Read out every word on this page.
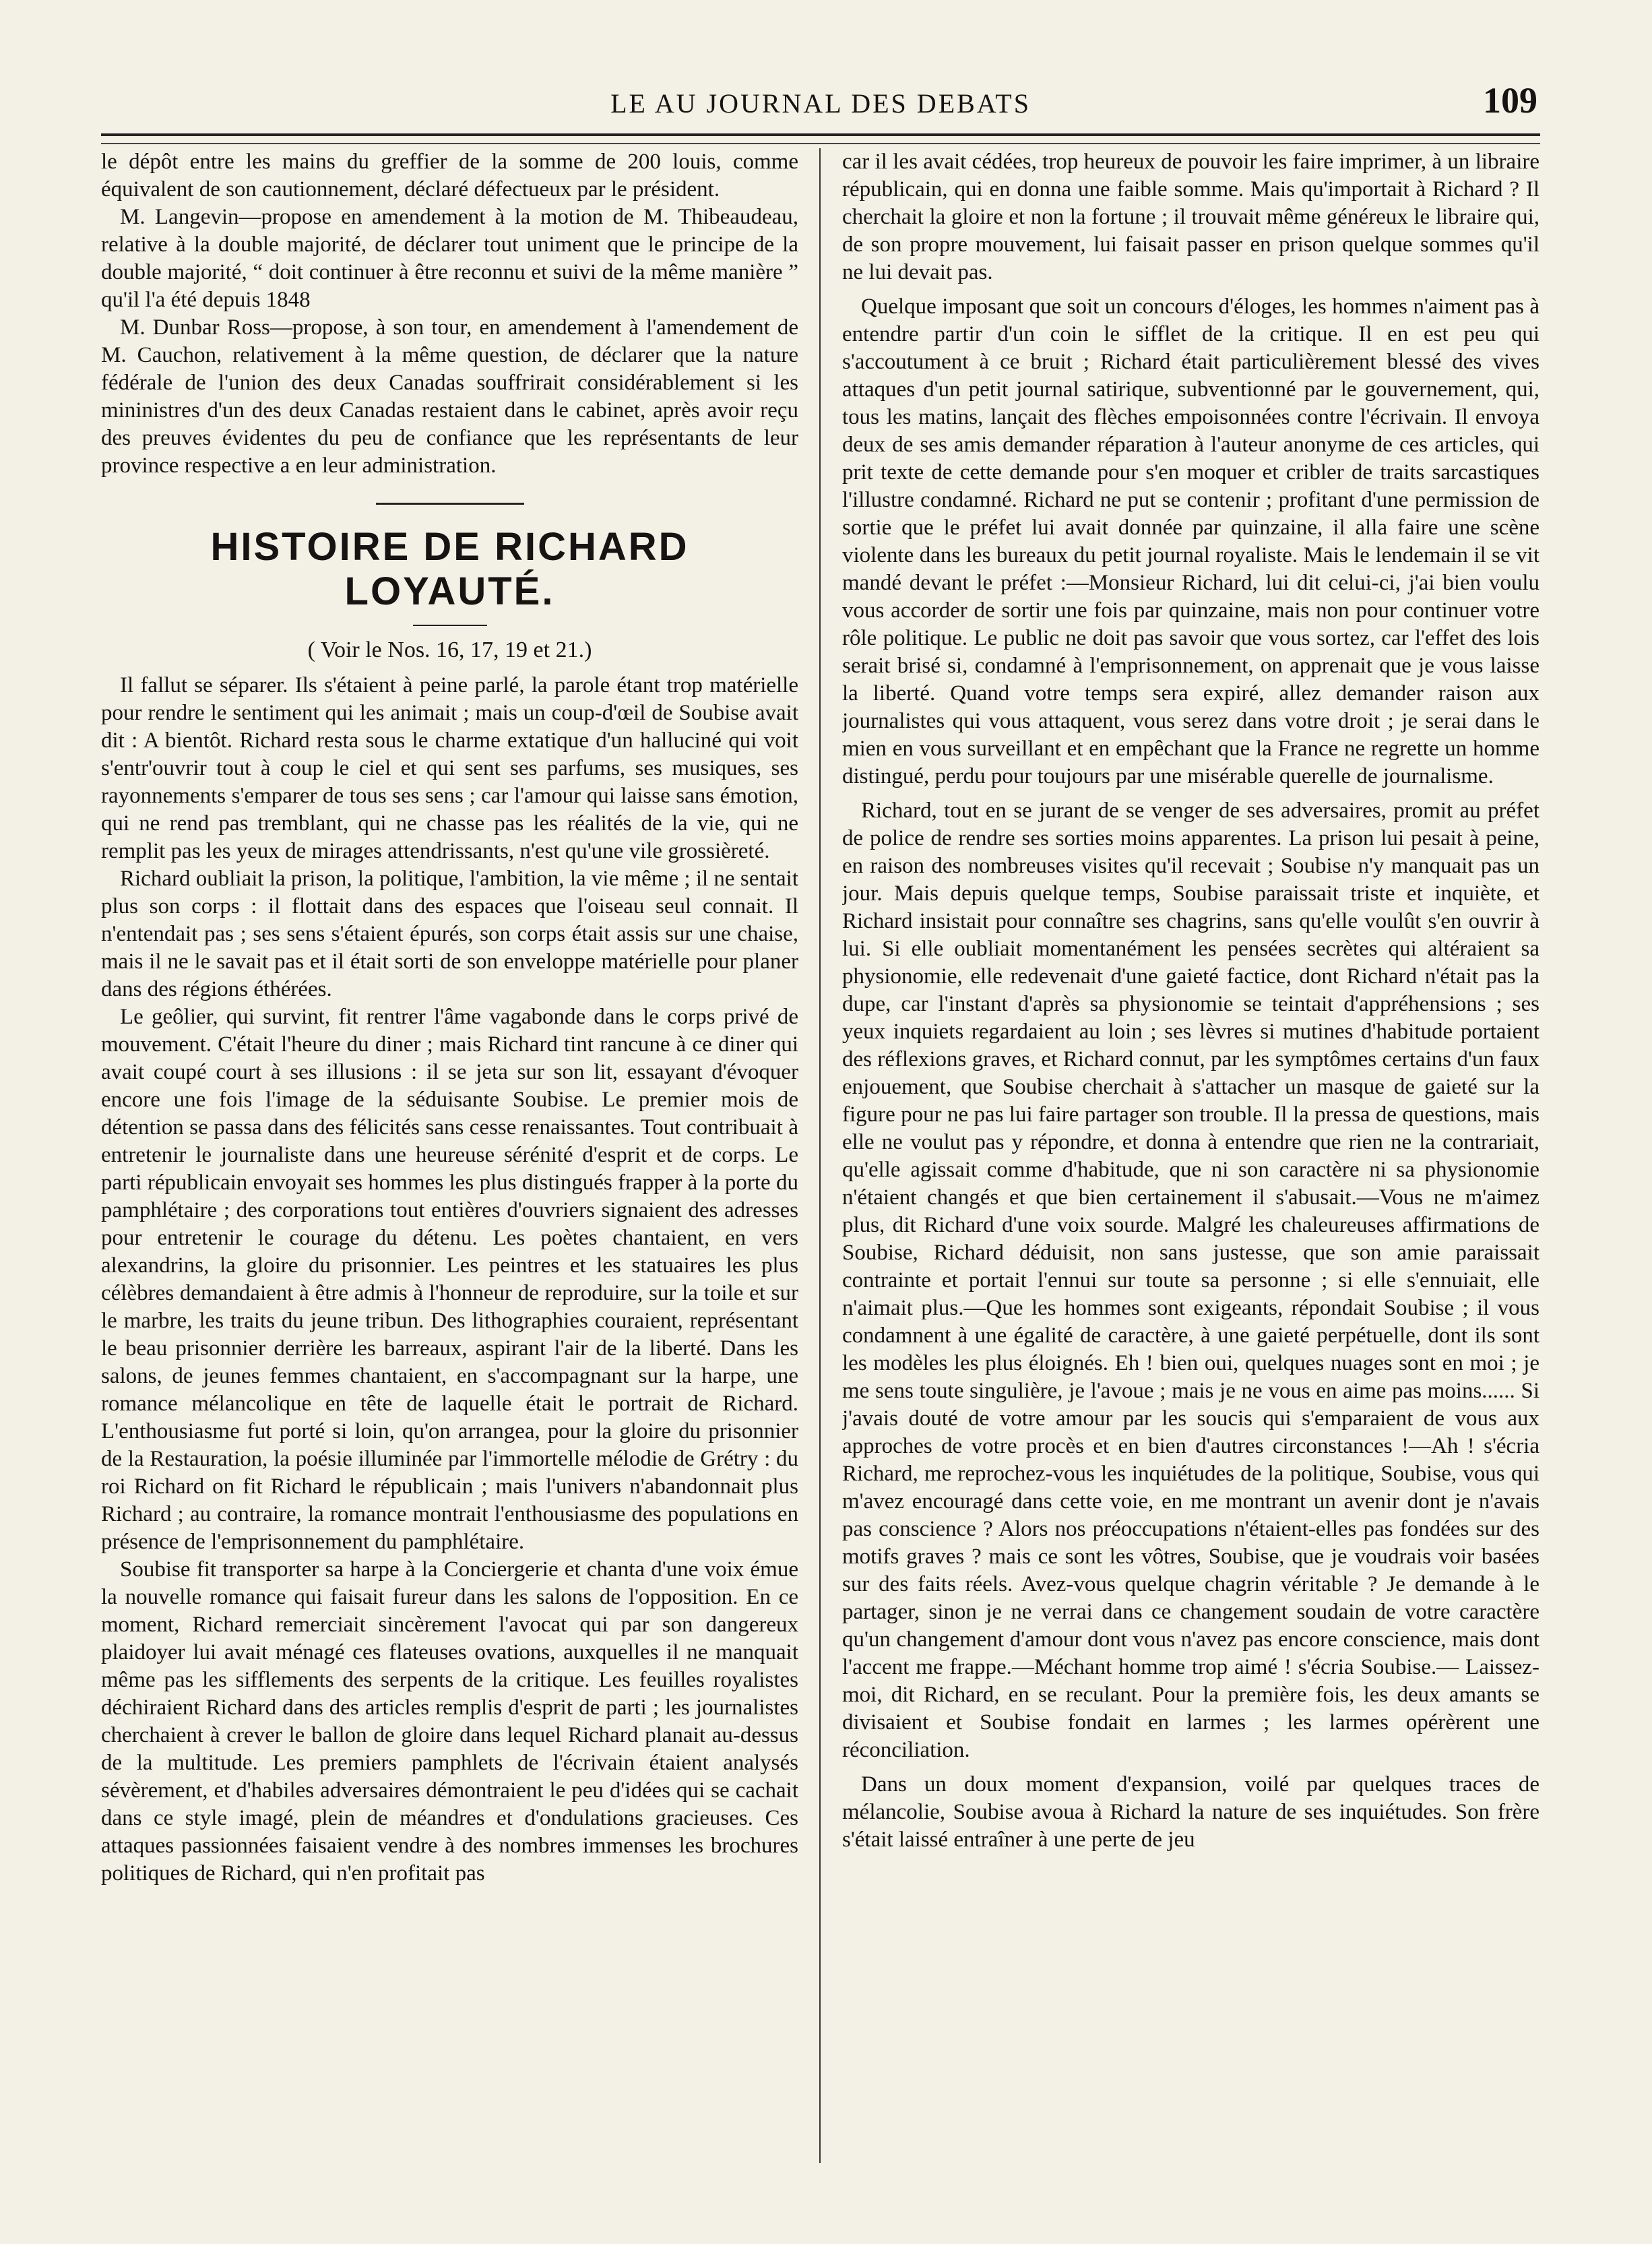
LE AU JOURNAL DES DEBATS	109

le dépôt entre les mains du greffier de la somme de 200 louis, comme équivalent de son cautionnement, déclaré défectueux par le président.

M. Langevin—propose en amendement à la motion de M. Thibeaudeau, relative à la double majorité, de déclarer tout uniment que le principe de la double majorité, “ doit continuer à être reconnu et suivi de la même manière ” qu'il l'a été depuis 1848

M. Dunbar Ross—propose, à son tour, en amendement à l'amendement de M. Cauchon, relativement à la même question, de déclarer que la nature fédérale de l'union des deux Canadas souffrirait considérablement si les mininistres d'un des deux Canadas restaient dans le cabinet, après avoir reçu des preuves évidentes du peu de confiance que les représentants de leur province respective a en leur administration.

HISTOIRE DE RICHARD LOYAUTÉ.
( Voir le Nos. 16, 17, 19 et 21.)

Il fallut se séparer. Ils s'étaient à peine parlé, la parole étant trop matérielle pour rendre le sentiment qui les animait ; mais un coup-d'œil de Soubise avait dit : A bientôt. Richard resta sous le charme extatique d'un halluciné qui voit s'entr'ouvrir tout à coup le ciel et qui sent ses parfums, ses musiques, ses rayonnements s'emparer de tous ses sens ; car l'amour qui laisse sans émotion, qui ne rend pas tremblant, qui ne chasse pas les réalités de la vie, qui ne remplit pas les yeux de mirages attendrissants, n'est qu'une vile grossièreté.

Richard oubliait la prison, la politique, l'ambition, la vie même ; il ne sentait plus son corps : il flottait dans des espaces que l'oiseau seul connait. Il n'entendait pas ; ses sens s'étaient épurés, son corps était assis sur une chaise, mais il ne le savait pas et il était sorti de son enveloppe matérielle pour planer dans des régions éthérées.

Le geôlier, qui survint, fit rentrer l'âme vagabonde dans le corps privé de mouvement. C'était l'heure du diner ; mais Richard tint rancune à ce diner qui avait coupé court à ses illusions : il se jeta sur son lit, essayant d'évoquer encore une fois l'image de la séduisante Soubise. Le premier mois de détention se passa dans des félicités sans cesse renaissantes. Tout contribuait à entretenir le journaliste dans une heureuse sérénité d'esprit et de corps. Le parti républicain envoyait ses hommes les plus distingués frapper à la porte du pamphlétaire ; des corporations tout entières d'ouvriers signaient des adresses pour entretenir le courage du détenu. Les poètes chantaient, en vers alexandrins, la gloire du prisonnier. Les peintres et les statuaires les plus célèbres demandaient à être admis à l'honneur de reproduire, sur la toile et sur le marbre, les traits du jeune tribun. Des lithographies couraient, représentant le beau prisonnier derrière les barreaux, aspirant l'air de la liberté. Dans les salons, de jeunes femmes chantaient, en s'accompagnant sur la harpe, une romance mélancolique en tête de laquelle était le portrait de Richard. L'enthousiasme fut porté si loin, qu'on arrangea, pour la gloire du prisonnier de la Restauration, la poésie illuminée par l'immortelle mélodie de Grétry : du roi Richard on fit Richard le républicain ; mais l'univers n'abandonnait plus Richard ; au contraire, la romance montrait l'enthousiasme des populations en présence de l'emprisonnement du pamphlétaire.

Soubise fit transporter sa harpe à la Conciergerie et chanta d'une voix émue la nouvelle romance qui faisait fureur dans les salons de l'opposition. En ce moment, Richard remerciait sincèrement l'avocat qui par son dangereux plaidoyer lui avait ménagé ces flateuses ovations, auxquelles il ne manquait même pas les sifflements des serpents de la critique. Les feuilles royalistes déchiraient Richard dans des articles remplis d'esprit de parti ; les journalistes cherchaient à crever le ballon de gloire dans lequel Richard planait au-dessus de la multitude. Les premiers pamphlets de l'écrivain étaient analysés sévèrement, et d'habiles adversaires démontraient le peu d'idées qui se cachait dans ce style imagé, plein de méandres et d'ondulations gracieuses. Ces attaques passionnées faisaient vendre à des nombres immenses les brochures politiques de Richard, qui n'en profitait pas

car il les avait cédées, trop heureux de pouvoir les faire imprimer, à un libraire républicain, qui en donna une faible somme. Mais qu'importait à Richard ? Il cherchait la gloire et non la fortune ; il trouvait même généreux le libraire qui, de son propre mouvement, lui faisait passer en prison quelque sommes qu'il ne lui devait pas.

Quelque imposant que soit un concours d'éloges, les hommes n'aiment pas à entendre partir d'un coin le sifflet de la critique. Il en est peu qui s'accoutument à ce bruit ; Richard était particulièrement blessé des vives attaques d'un petit journal satirique, subventionné par le gouvernement, qui, tous les matins, lançait des flèches empoisonnées contre l'écrivain. Il envoya deux de ses amis demander réparation à l'auteur anonyme de ces articles, qui prit texte de cette demande pour s'en moquer et cribler de traits sarcastiques l'illustre condamné. Richard ne put se contenir ; profitant d'une permission de sortie que le préfet lui avait donnée par quinzaine, il alla faire une scène violente dans les bureaux du petit journal royaliste. Mais le lendemain il se vit mandé devant le préfet :—Monsieur Richard, lui dit celui-ci, j'ai bien voulu vous accorder de sortir une fois par quinzaine, mais non pour continuer votre rôle politique. Le public ne doit pas savoir que vous sortez, car l'effet des lois serait brisé si, condamné à l'emprisonnement, on apprenait que je vous laisse la liberté. Quand votre temps sera expiré, allez demander raison aux journalistes qui vous attaquent, vous serez dans votre droit ; je serai dans le mien en vous surveillant et en empêchant que la France ne regrette un homme distingué, perdu pour toujours par une misérable querelle de journalisme.

Richard, tout en se jurant de se venger de ses adversaires, promit au préfet de police de rendre ses sorties moins apparentes. La prison lui pesait à peine, en raison des nombreuses visites qu'il recevait ; Soubise n'y manquait pas un jour. Mais depuis quelque temps, Soubise paraissait triste et inquiète, et Richard insistait pour connaître ses chagrins, sans qu'elle voulût s'en ouvrir à lui. Si elle oubliait momentanément les pensées secrètes qui altéraient sa physionomie, elle redevenait d'une gaieté factice, dont Richard n'était pas la dupe, car l'instant d'après sa physionomie se teintait d'appréhensions ; ses yeux inquiets regardaient au loin ; ses lèvres si mutines d'habitude portaient des réflexions graves, et Richard connut, par les symptômes certains d'un faux enjouement, que Soubise cherchait à s'attacher un masque de gaieté sur la figure pour ne pas lui faire partager son trouble. Il la pressa de questions, mais elle ne voulut pas y répondre, et donna à entendre que rien ne la contrariait, qu'elle agissait comme d'habitude, que ni son caractère ni sa physionomie n'étaient changés et que bien certainement il s'abusait.—Vous ne m'aimez plus, dit Richard d'une voix sourde. Malgré les chaleureuses affirmations de Soubise, Richard déduisit, non sans justesse, que son amie paraissait contrainte et portait l'ennui sur toute sa personne ; si elle s'ennuiait, elle n'aimait plus.—Que les hommes sont exigeants, répondait Soubise ; il vous condamnent à une égalité de caractère, à une gaieté perpétuelle, dont ils sont les modèles les plus éloignés. Eh ! bien oui, quelques nuages sont en moi ; je me sens toute singulière, je l'avoue ; mais je ne vous en aime pas moins...... Si j'avais douté de votre amour par les soucis qui s'emparaient de vous aux approches de votre procès et en bien d'autres circonstances !—Ah ! s'écria Richard, me reprochez-vous les inquiétudes de la politique, Soubise, vous qui m'avez encouragé dans cette voie, en me montrant un avenir dont je n'avais pas conscience ? Alors nos préoccupations n'étaient-elles pas fondées sur des motifs graves ? mais ce sont les vôtres, Soubise, que je voudrais voir basées sur des faits réels. Avez-vous quelque chagrin véritable ? Je demande à le partager, sinon je ne verrai dans ce changement soudain de votre caractère qu'un changement d'amour dont vous n'avez pas encore conscience, mais dont l'accent me frappe.—Méchant homme trop aimé ! s'écria Soubise.— Laissez-moi, dit Richard, en se reculant. Pour la première fois, les deux amants se divisaient et Soubise fondait en larmes ; les larmes opérèrent une réconciliation.

Dans un doux moment d'expansion, voilé par quelques traces de mélancolie, Soubise avoua à Richard la nature de ses inquiétudes. Son frère s'était laissé entraîner à une perte de jeu
